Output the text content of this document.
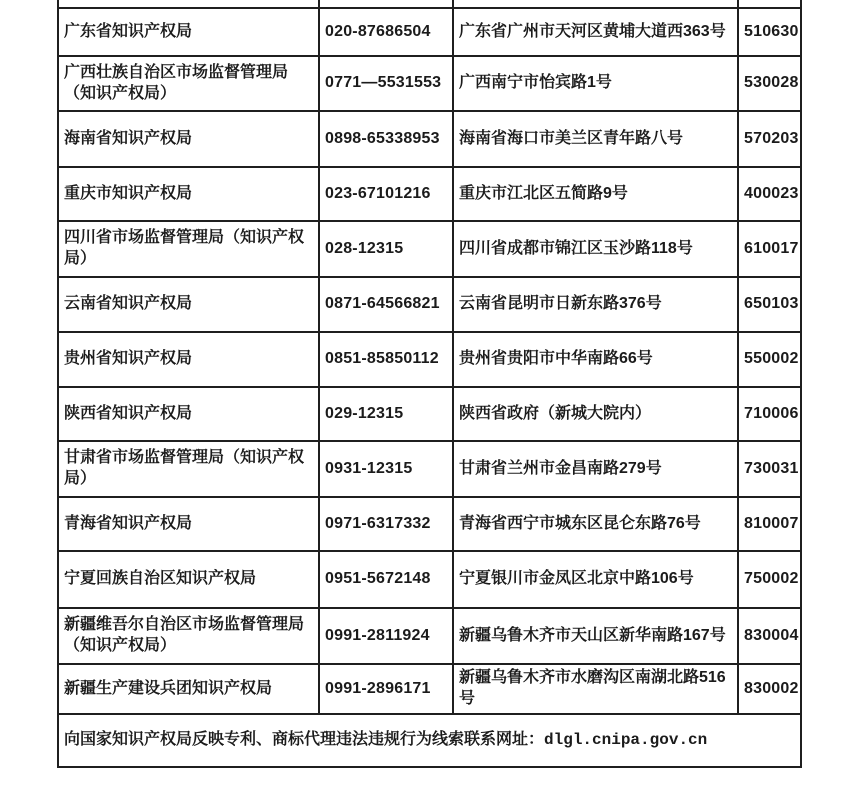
广东省知识产权局	020-87686504	广东省广州市天河区黄埔大道西363号	510630
广西壮族自治区市场监督管理局（知识产权局）	0771—5531553	广西南宁市怡宾路1号	530028
海南省知识产权局	0898-65338953	海南省海口市美兰区青年路八号	570203
重庆市知识产权局	023-67101216	重庆市江北区五简路9号	400023
四川省市场监督管理局（知识产权局）	028-12315	四川省成都市锦江区玉沙路118号	610017
云南省知识产权局	0871-64566821	云南省昆明市日新东路376号	650103
贵州省知识产权局	0851-85850112	贵州省贵阳市中华南路66号	550002
陕西省知识产权局	029-12315	陕西省政府（新城大院内）	710006
甘肃省市场监督管理局（知识产权局）	0931-12315	甘肃省兰州市金昌南路279号	730031
青海省知识产权局	0971-6317332	青海省西宁市城东区昆仑东路76号	810007
宁夏回族自治区知识产权局	0951-5672148	宁夏银川市金凤区北京中路106号	750002
新疆维吾尔自治区市场监督管理局（知识产权局）	0991-2811924	新疆乌鲁木齐市天山区新华南路167号	830004
新疆生产建设兵团知识产权局	0991-2896171	新疆乌鲁木齐市水磨沟区南湖北路516号	830002
向国家知识产权局反映专利、商标代理违法违规行为线索联系网址：dlgl.cnipa.gov.cn			
